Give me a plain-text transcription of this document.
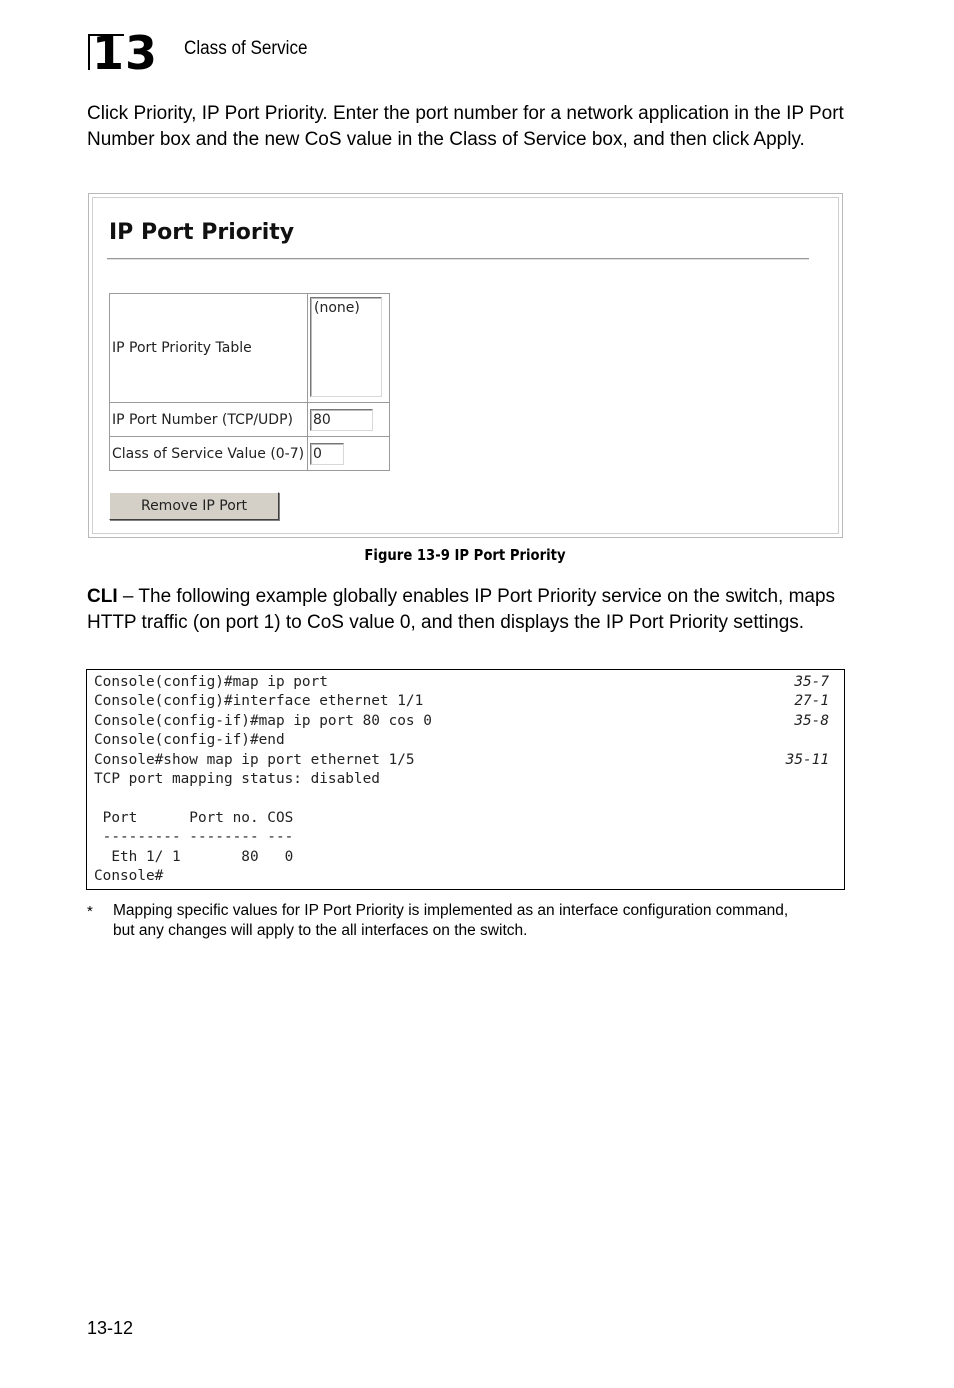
13 Class of Service
Click Priority, IP Port Priority. Enter the port number for a network application in the IP Port Number box and the new CoS value in the Class of Service box, and then click Apply.
IP Port Priority
IP Port Priority Table	(none)

IP Port Number (TCP/UDP)	80

Class of Service Value (0-7)	0
Remove IP Port
Figure 13-9 IP Port Priority
CLI – The following example globally enables IP Port Priority service on the switch, maps HTTP traffic (on port 1) to CoS value 0, and then displays the IP Port Priority settings.
Console(config)#map ip port	35-7
Console(config)#interface ethernet 1/1	27-1
Console(config-if)#map ip port 80 cos 0	35-8
Console(config-if)#end
Console#show map ip port ethernet 1/5	35-11
TCP port mapping status: disabled
Port      Port no. COS
--------- -------- ---
Eth 1/ 1       80   0
Console#
* Mapping specific values for IP Port Priority is implemented as an interface configuration command, but any changes will apply to the all interfaces on the switch.
13-12
